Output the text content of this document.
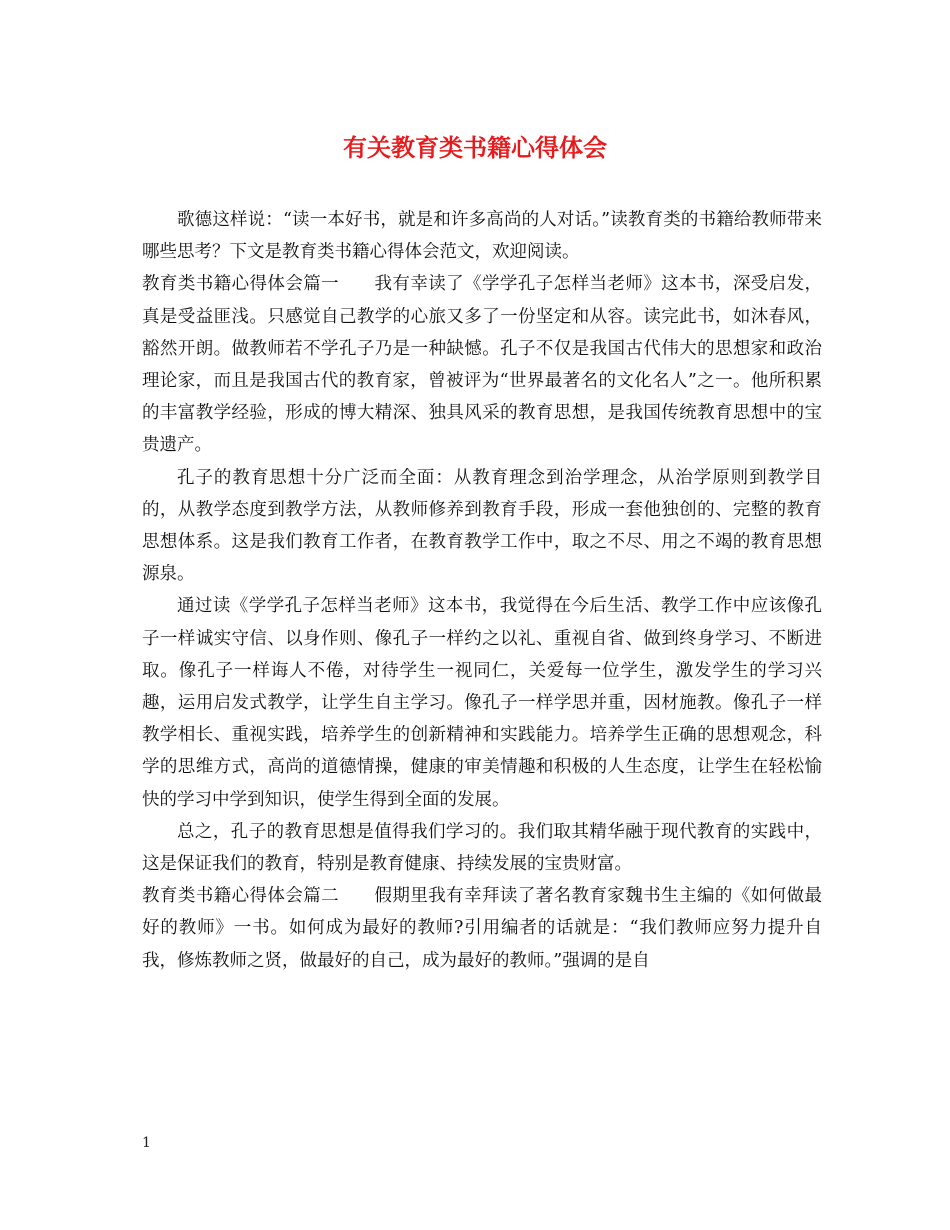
有关教育类书籍心得体会

歌德这样说：“读一本好书，就是和许多高尚的人对话。”读教育类的书籍给教师带来哪些思考？下文是教育类书籍心得体会范文，欢迎阅读。

教育类书籍心得体会篇一 我有幸读了《学学孔子怎样当老师》这本书，深受启发，真是受益匪浅。只感觉自己教学的心旅又多了一份坚定和从容。读完此书，如沐春风，豁然开朗。做教师若不学孔子乃是一种缺憾。孔子不仅是我国古代伟大的思想家和政治理论家，而且是我国古代的教育家，曾被评为“世界最著名的文化名人”之一。他所积累的丰富教学经验，形成的博大精深、独具风采的教育思想，是我国传统教育思想中的宝贵遗产。

孔子的教育思想十分广泛而全面：从教育理念到治学理念，从治学原则到教学目的，从教学态度到教学方法，从教师修养到教育手段，形成一套他独创的、完整的教育思想体系。这是我们教育工作者，在教育教学工作中，取之不尽、用之不竭的教育思想源泉。

通过读《学学孔子怎样当老师》这本书，我觉得在今后生活、教学工作中应该像孔子一样诚实守信、以身作则、像孔子一样约之以礼、重视自省、做到终身学习、不断进取。像孔子一样诲人不倦，对待学生一视同仁，关爱每一位学生，激发学生的学习兴趣，运用启发式教学，让学生自主学习。像孔子一样学思并重，因材施教。像孔子一样教学相长、重视实践，培养学生的创新精神和实践能力。培养学生正确的思想观念，科学的思维方式，高尚的道德情操，健康的审美情趣和积极的人生态度，让学生在轻松愉快的学习中学到知识，使学生得到全面的发展。

总之，孔子的教育思想是值得我们学习的。我们取其精华融于现代教育的实践中，这是保证我们的教育，特别是教育健康、持续发展的宝贵财富。

教育类书籍心得体会篇二 假期里我有幸拜读了著名教育家魏书生主编的《如何做最好的教师》一书。如何成为最好的教师?引用编者的话就是：“我们教师应努力提升自我，修炼教师之贤，做最好的自己，成为最好的教师。”强调的是自

1
